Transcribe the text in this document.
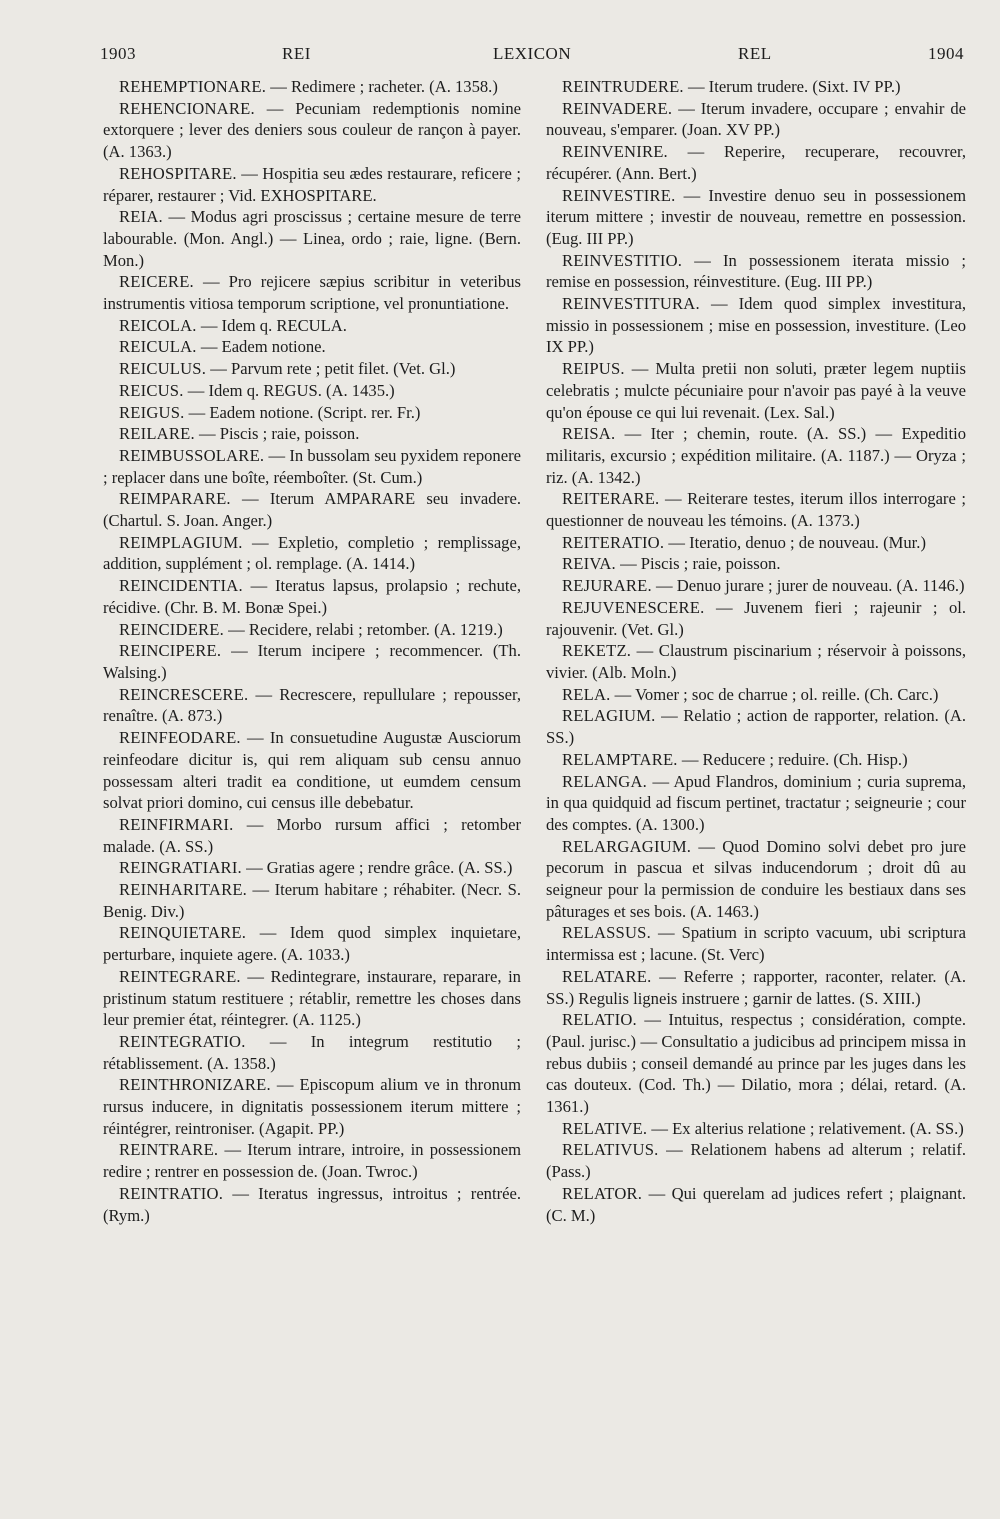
1903	REI	LEXICON	REL	1904

REHEMPTIONARE. — Redimere ; racheter. (A. 1358.)

REHENCIONARE. — Pecuniam redemptionis nomine extorquere ; lever des deniers sous couleur de rançon à payer. (A. 1363.)

REHOSPITARE. — Hospitia seu ædes restaurare, reficere ; réparer, restaurer ; Vid. EXHOSPITARE.

REIA. — Modus agri proscissus ; certaine mesure de terre labourable. (Mon. Angl.) — Linea, ordo ; raie, ligne. (Bern. Mon.)

REICERE. — Pro rejicere sæpius scribitur in veteribus instrumentis vitiosa temporum scriptione, vel pronuntiatione.

REICOLA. — Idem q. RECULA.

REICULA. — Eadem notione.

REICULUS. — Parvum rete ; petit filet. (Vet. Gl.)

REICUS. — Idem q. REGUS. (A. 1435.)

REIGUS. — Eadem notione. (Script. rer. Fr.)

REILARE. — Piscis ; raie, poisson.

REIMBUSSOLARE. — In bussolam seu pyxidem reponere ; replacer dans une boîte, réemboîter. (St. Cum.)

REIMPARARE. — Iterum AMPARARE seu invadere. (Chartul. S. Joan. Anger.)

REIMPLAGIUM. — Expletio, completio ; remplissage, addition, supplément ; ol. remplage. (A. 1414.)

REINCIDENTIA. — Iteratus lapsus, prolapsio ; rechute, récidive. (Chr. B. M. Bonæ Spei.)

REINCIDERE. — Recidere, relabi ; retomber. (A. 1219.)

REINCIPERE. — Iterum incipere ; recommencer. (Th. Walsing.)

REINCRESCERE. — Recrescere, repullulare ; repousser, renaître. (A. 873.)

REINFEODARE. — In consuetudine Augustæ Ausciorum reinfeodare dicitur is, qui rem aliquam sub censu annuo possessam alteri tradit ea conditione, ut eumdem censum solvat priori domino, cui census ille debebatur.

REINFIRMARI. — Morbo rursum affici ; retomber malade. (A. SS.)

REINGRATIARI. — Gratias agere ; rendre grâce. (A. SS.)

REINHARITARE. — Iterum habitare ; réhabiter. (Necr. S. Benig. Div.)

REINQUIETARE. — Idem quod simplex inquietare, perturbare, inquiete agere. (A. 1033.)

REINTEGRARE. — Redintegrare, instaurare, reparare, in pristinum statum restituere ; rétablir, remettre les choses dans leur premier état, réintegrer. (A. 1125.)

REINTEGRATIO. — In integrum restitutio ; rétablissement. (A. 1358.)

REINTHRONIZARE. — Episcopum alium ve in thronum rursus inducere, in dignitatis possessionem iterum mittere ; réintégrer, reintroniser. (Agapit. PP.)

REINTRARE. — Iterum intrare, introire, in possessionem redire ; rentrer en possession de. (Joan. Twroc.)

REINTRATIO. — Iteratus ingressus, introitus ; rentrée. (Rym.)

REINTRUDERE. — Iterum trudere. (Sixt. IV PP.)

REINVADERE. — Iterum invadere, occupare ; envahir de nouveau, s'emparer. (Joan. XV PP.)

REINVENIRE. — Reperire, recuperare, recouvrer, récupérer. (Ann. Bert.)

REINVESTIRE. — Investire denuo seu in possessionem iterum mittere ; investir de nouveau, remettre en possession. (Eug. III PP.)

REINVESTITIO. — In possessionem iterata missio ; remise en possession, réinvestiture. (Eug. III PP.)

REINVESTITURA. — Idem quod simplex investitura, missio in possessionem ; mise en possession, investiture. (Leo IX PP.)

REIPUS. — Multa pretii non soluti, præter legem nuptiis celebratis ; mulcte pécuniaire pour n'avoir pas payé à la veuve qu'on épouse ce qui lui revenait. (Lex. Sal.)

REISA. — Iter ; chemin, route. (A. SS.) — Expeditio militaris, excursio ; expédition militaire. (A. 1187.) — Oryza ; riz. (A. 1342.)

REITERARE. — Reiterare testes, iterum illos interrogare ; questionner de nouveau les témoins. (A. 1373.)

REITERATIO. — Iteratio, denuo ; de nouveau. (Mur.)

REIVA. — Piscis ; raie, poisson.

REJURARE. — Denuo jurare ; jurer de nouveau. (A. 1146.)

REJUVENESCERE. — Juvenem fieri ; rajeunir ; ol. rajouvenir. (Vet. Gl.)

REKETZ. — Claustrum piscinarium ; réservoir à poissons, vivier. (Alb. Moln.)

RELA. — Vomer ; soc de charrue ; ol. reille. (Ch. Carc.)

RELAGIUM. — Relatio ; action de rapporter, relation. (A. SS.)

RELAMPTARE. — Reducere ; reduire. (Ch. Hisp.)

RELANGA. — Apud Flandros, dominium ; curia suprema, in qua quidquid ad fiscum pertinet, tractatur ; seigneurie ; cour des comptes. (A. 1300.)

RELARGAGIUM. — Quod Domino solvi debet pro jure pecorum in pascua et silvas inducendorum ; droit dû au seigneur pour la permission de conduire les bestiaux dans ses pâturages et ses bois. (A. 1463.)

RELASSUS. — Spatium in scripto vacuum, ubi scriptura intermissa est ; lacune. (St. Verc)

RELATARE. — Referre ; rapporter, raconter, relater. (A. SS.) Regulis ligneis instruere ; garnir de lattes. (S. XIII.)

RELATIO. — Intuitus, respectus ; considération, compte. (Paul. jurisc.) — Consultatio a judicibus ad principem missa in rebus dubiis ; conseil demandé au prince par les juges dans les cas douteux. (Cod. Th.) — Dilatio, mora ; délai, retard. (A. 1361.)

RELATIVE. — Ex alterius relatione ; relativement. (A. SS.)

RELATIVUS. — Relationem habens ad alterum ; relatif. (Pass.)

RELATOR. — Qui querelam ad judices refert ; plaignant. (C. M.)
